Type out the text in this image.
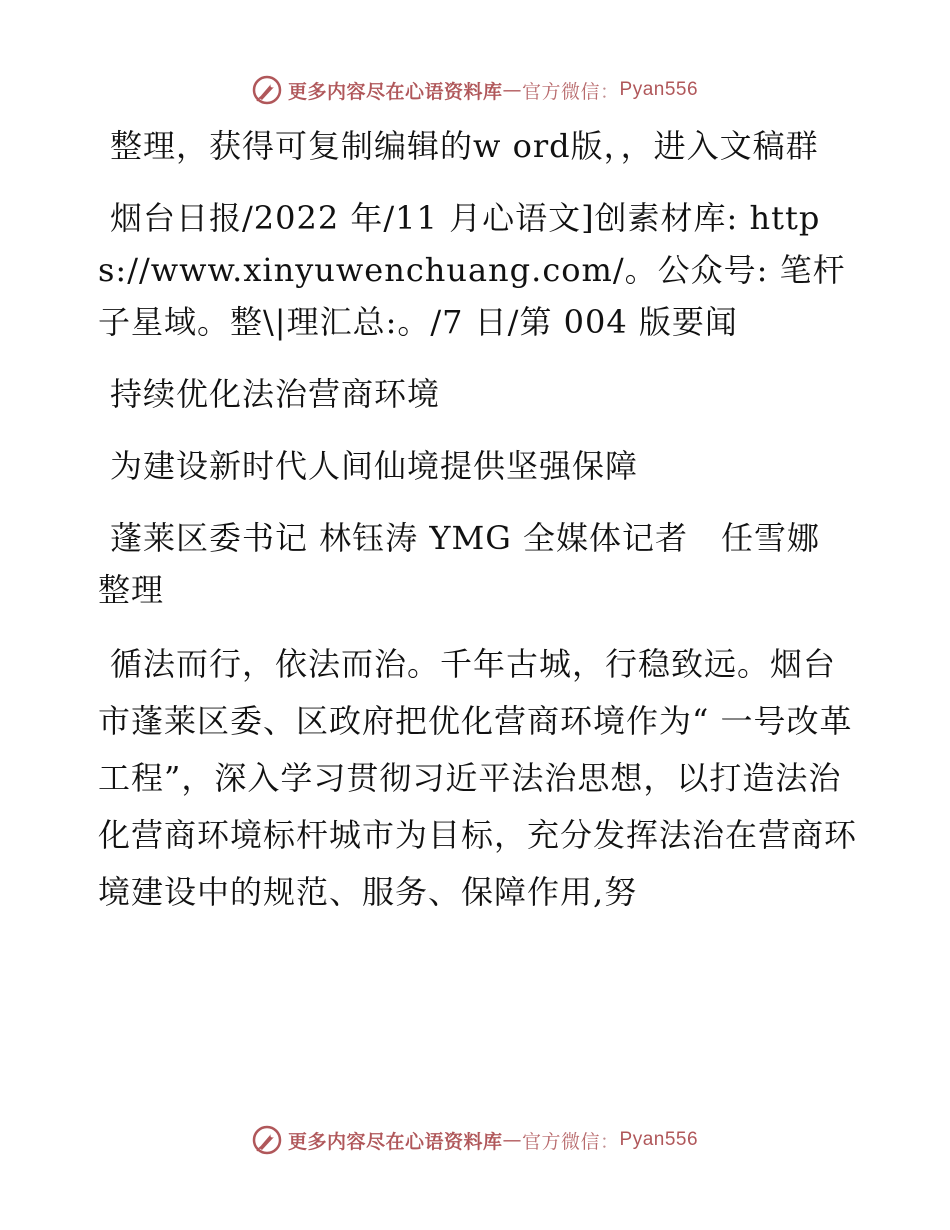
更多内容尽在心语资料库 — 官方微信 ： Pyan556

整理，获得可复制编辑的w ord版，，进入文稿群

烟台日报/2022 年/11 月心语文]创素材库: https://www.xinyuwenchuang.com/。公众号: 笔杆子星域。整\|理汇总:。/7 日/第 004 版要闻

持续优化法治营商环境

为建设新时代人间仙境提供坚强保障

蓬莱区委书记 林钰涛 YMG 全媒体记者　任雪娜 整理

循法而行，依法而治。千年古城，行稳致远。烟台市蓬莱区委、区政府把优化营商环境作为“ 一号改革工程”，深入学习贯彻习近平法治思想，以打造法治化营商环境标杆城市为目标，充分发挥法治在营商环境建设中的规范、服务、保障作用,努

更多内容尽在心语资料库 — 官方微信 ： Pyan556
